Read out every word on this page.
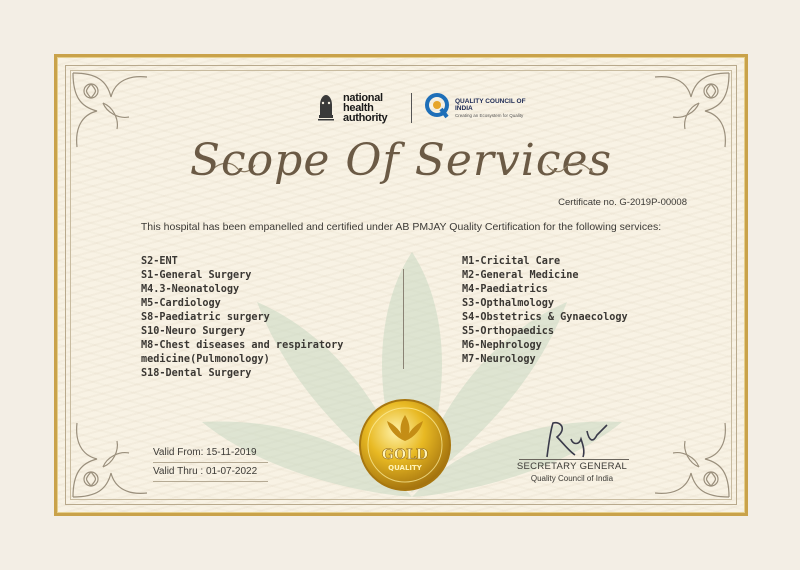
national health authority
QUALITY COUNCIL OF INDIA
Creating an Ecosystem for Quality
Scope Of Services
Certificate no. G-2019P-00008
This hospital has been empanelled and certified under AB PMJAY Quality Certification for the following services:
S2-ENT
S1-General Surgery
M4.3-Neonatology
M5-Cardiology
S8-Paediatric surgery
S10-Neuro Surgery
M8-Chest diseases and respiratory
medicine(Pulmonology)
S18-Dental Surgery
M1-Cricital Care
M2-General Medicine
M4-Paediatrics
S3-Opthalmology
S4-Obstetrics & Gynaecology
S5-Orthopaedics
M6-Nephrology
M7-Neurology
Valid From: 15-11-2019
Valid Thru : 01-07-2022
GOLD
QUALITY	SECRETARY GENERAL
Quality Council of India
